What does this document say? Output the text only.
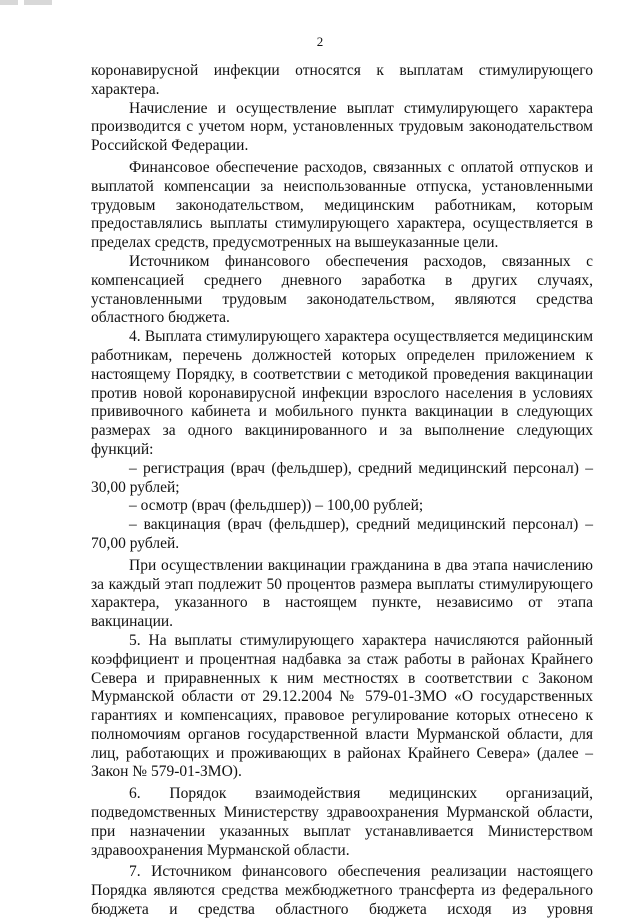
2

коронавирусной инфекции относятся к выплатам стимулирующего характера.

Начисление и осуществление выплат стимулирующего характера производится с учетом норм, установленных трудовым законодательством Российской Федерации.

Финансовое обеспечение расходов, связанных с оплатой отпусков и выплатой компенсации за неиспользованные отпуска, установленными трудовым законодательством, медицинским работникам, которым предоставлялись выплаты стимулирующего характера, осуществляется в пределах средств, предусмотренных на вышеуказанные цели.

Источником финансового обеспечения расходов, связанных с компенсацией среднего дневного заработка в других случаях, установленными трудовым законодательством, являются средства областного бюджета.

4. Выплата стимулирующего характера осуществляется медицинским работникам, перечень должностей которых определен приложением к настоящему Порядку, в соответствии с методикой проведения вакцинации против новой коронавирусной инфекции взрослого населения в условиях прививочного кабинета и мобильного пункта вакцинации в следующих размерах за одного вакцинированного и за выполнение следующих функций:

– регистрация (врач (фельдшер), средний медицинский персонал) – 30,00 рублей;

– осмотр (врач (фельдшер)) – 100,00 рублей;

– вакцинация (врач (фельдшер), средний медицинский персонал) – 70,00 рублей.

При осуществлении вакцинации гражданина в два этапа начислению за каждый этап подлежит 50 процентов размера выплаты стимулирующего характера, указанного в настоящем пункте, независимо от этапа вакцинации.

5. На выплаты стимулирующего характера начисляются районный коэффициент и процентная надбавка за стаж работы в районах Крайнего Севера и приравненных к ним местностях в соответствии с Законом Мурманской области от 29.12.2004 № 579-01-ЗМО «О государственных гарантиях и компенсациях, правовое регулирование которых отнесено к полномочиям органов государственной власти Мурманской области, для лиц, работающих и проживающих в районах Крайнего Севера» (далее – Закон № 579-01-ЗМО).

6. Порядок взаимодействия медицинских организаций, подведомственных Министерству здравоохранения Мурманской области, при назначении указанных выплат устанавливается Министерством здравоохранения Мурманской области.

7. Источником финансового обеспечения реализации настоящего Порядка являются средства межбюджетного трансферта из федерального бюджета и средства областного бюджета исходя из уровня
